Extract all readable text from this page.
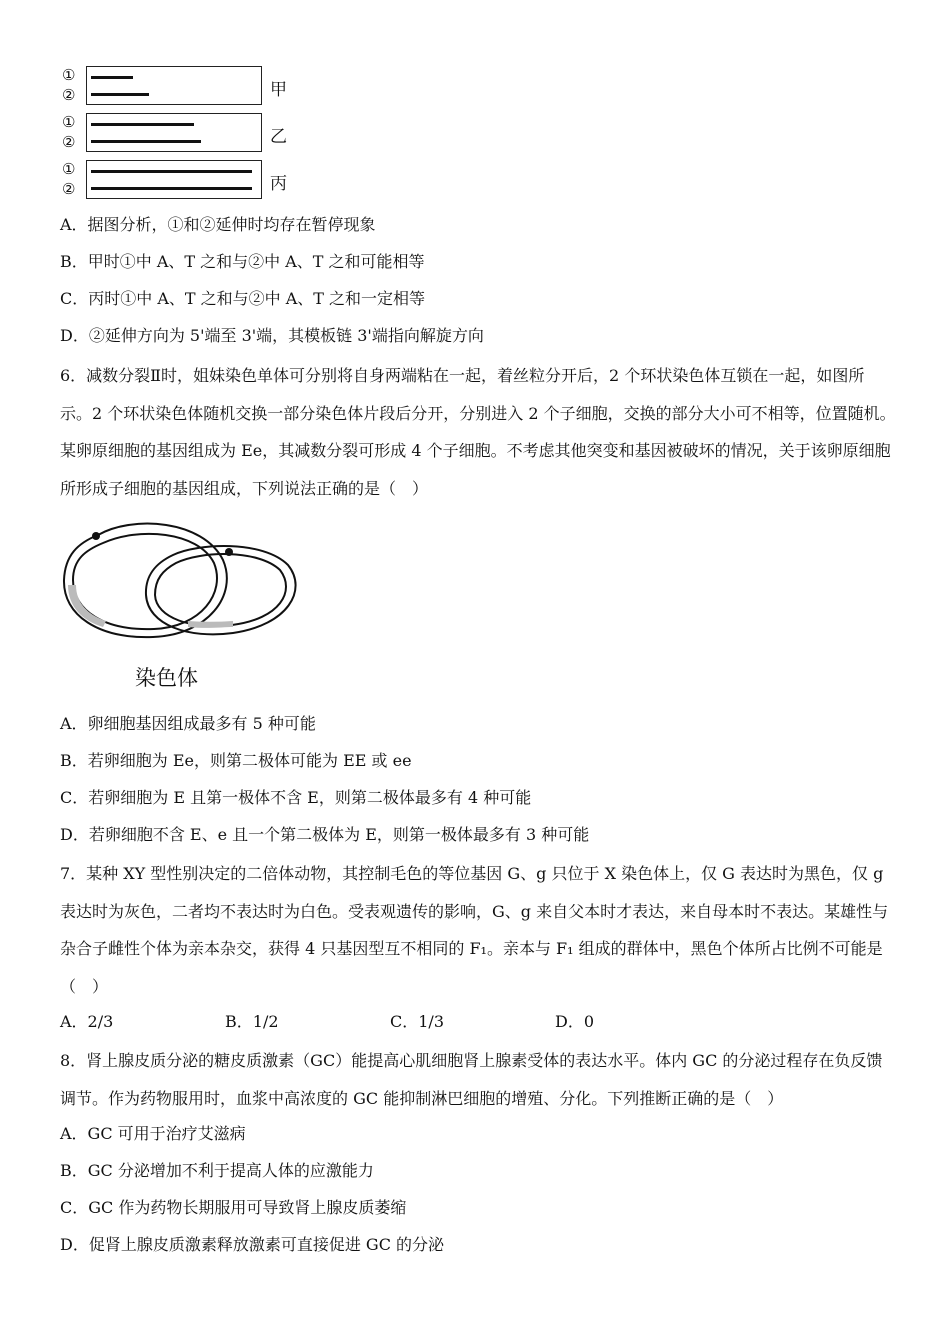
①
②	甲
①
②	乙
①
②	丙
A．据图分析，①和②延伸时均存在暂停现象
B．甲时①中 A、T 之和与②中 A、T 之和可能相等
C．丙时①中 A、T 之和与②中 A、T 之和一定相等
D．②延伸方向为 5'端至 3'端，其模板链 3'端指向解旋方向
6．减数分裂Ⅱ时，姐妹染色单体可分别将自身两端粘在一起，着丝粒分开后，2 个环状染色体互锁在一起，如图所示。2 个环状染色体随机交换一部分染色体片段后分开，分别进入 2 个子细胞，交换的部分大小可不相等，位置随机。某卵原细胞的基因组成为 Ee，其减数分裂可形成 4 个子细胞。不考虑其他突变和基因被破坏的情况，关于该卵原细胞所形成子细胞的基因组成，下列说法正确的是（　）
染色体
A．卵细胞基因组成最多有 5 种可能
B．若卵细胞为 Ee，则第二极体可能为 EE 或 ee
C．若卵细胞为 E 且第一极体不含 E，则第二极体最多有 4 种可能
D．若卵细胞不含 E、e 且一个第二极体为 E，则第一极体最多有 3 种可能
7．某种 XY 型性别决定的二倍体动物，其控制毛色的等位基因 G、g 只位于 X 染色体上，仅 G 表达时为黑色，仅 g 表达时为灰色，二者均不表达时为白色。受表观遗传的影响，G、g 来自父本时才表达，来自母本时不表达。某雄性与杂合子雌性个体为亲本杂交，获得 4 只基因型互不相同的 F₁。亲本与 F₁ 组成的群体中，黑色个体所占比例不可能是（　）
A．2/3	B．1/2	C．1/3	D．0
8．肾上腺皮质分泌的糖皮质激素（GC）能提高心肌细胞肾上腺素受体的表达水平。体内 GC 的分泌过程存在负反馈调节。作为药物服用时，血浆中高浓度的 GC 能抑制淋巴细胞的增殖、分化。下列推断正确的是（　）
A．GC 可用于治疗艾滋病
B．GC 分泌增加不利于提高人体的应激能力
C．GC 作为药物长期服用可导致肾上腺皮质萎缩
D．促肾上腺皮质激素释放激素可直接促进 GC 的分泌
